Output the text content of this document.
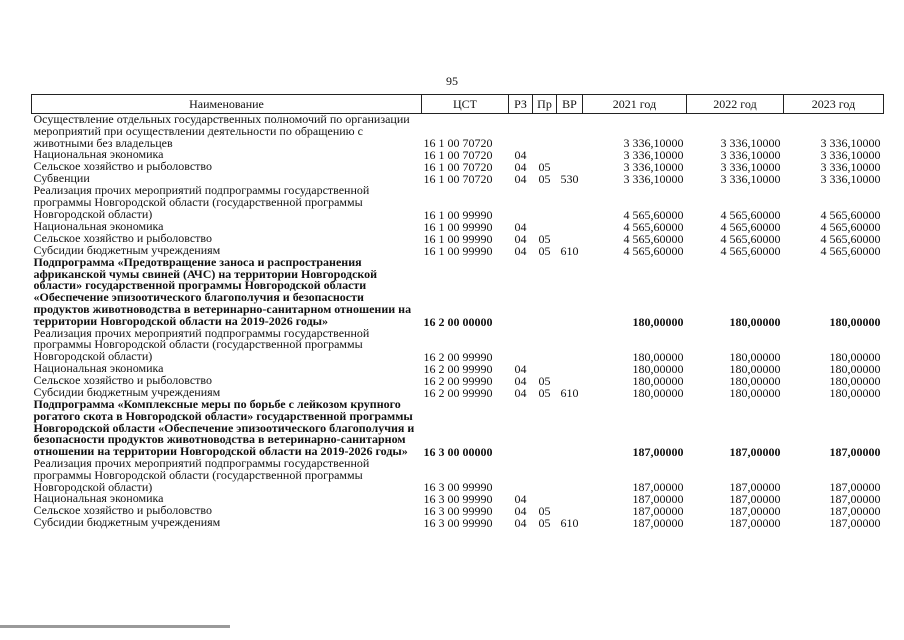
95
Наименование	ЦСТ	РЗ	Пр	ВР	2021 год	2022 год	2023 год
Осуществление отдельных государственных полномочий по организации мероприятий при осуществлении деятельности по обращению с животными без владельцев	16 1 00 70720				3 336,10000	3 336,10000	3 336,10000
Национальная экономика	16 1 00 70720	04			3 336,10000	3 336,10000	3 336,10000
Сельское хозяйство и рыболовство	16 1 00 70720	04	05		3 336,10000	3 336,10000	3 336,10000
Субвенции	16 1 00 70720	04	05	530	3 336,10000	3 336,10000	3 336,10000
Реализация прочих мероприятий подпрограммы государственной программы Новгородской области (государственной программы Новгородской области)	16 1 00 99990				4 565,60000	4 565,60000	4 565,60000
Национальная экономика	16 1 00 99990	04			4 565,60000	4 565,60000	4 565,60000
Сельское хозяйство и рыболовство	16 1 00 99990	04	05		4 565,60000	4 565,60000	4 565,60000
Субсидии бюджетным учреждениям	16 1 00 99990	04	05	610	4 565,60000	4 565,60000	4 565,60000
Подпрограмма «Предотвращение заноса и распространения африканской чумы свиней (АЧС) на территории Новгородской области» государственной программы Новгородской области «Обеспечение эпизоотического благополучия и безопасности продуктов животноводства в ветеринарно-санитарном отношении на территории Новгородской области на 2019-2026 годы»	16 2 00 00000				180,00000	180,00000	180,00000
Реализация прочих мероприятий подпрограммы государственной программы Новгородской области (государственной программы Новгородской области)	16 2 00 99990				180,00000	180,00000	180,00000
Национальная экономика	16 2 00 99990	04			180,00000	180,00000	180,00000
Сельское хозяйство и рыболовство	16 2 00 99990	04	05		180,00000	180,00000	180,00000
Субсидии бюджетным учреждениям	16 2 00 99990	04	05	610	180,00000	180,00000	180,00000
Подпрограмма «Комплексные меры по борьбе с лейкозом крупного рогатого скота в Новгородской области» государственной программы Новгородской области «Обеспечение эпизоотического благополучия и безопасности продуктов животноводства в ветеринарно-санитарном отношении на территории Новгородской области на 2019-2026 годы»	16 3 00 00000				187,00000	187,00000	187,00000
Реализация прочих мероприятий подпрограммы государственной программы Новгородской области (государственной программы Новгородской области)	16 3 00 99990				187,00000	187,00000	187,00000
Национальная экономика	16 3 00 99990	04			187,00000	187,00000	187,00000
Сельское хозяйство и рыболовство	16 3 00 99990	04	05		187,00000	187,00000	187,00000
Субсидии бюджетным учреждениям	16 3 00 99990	04	05	610	187,00000	187,00000	187,00000
